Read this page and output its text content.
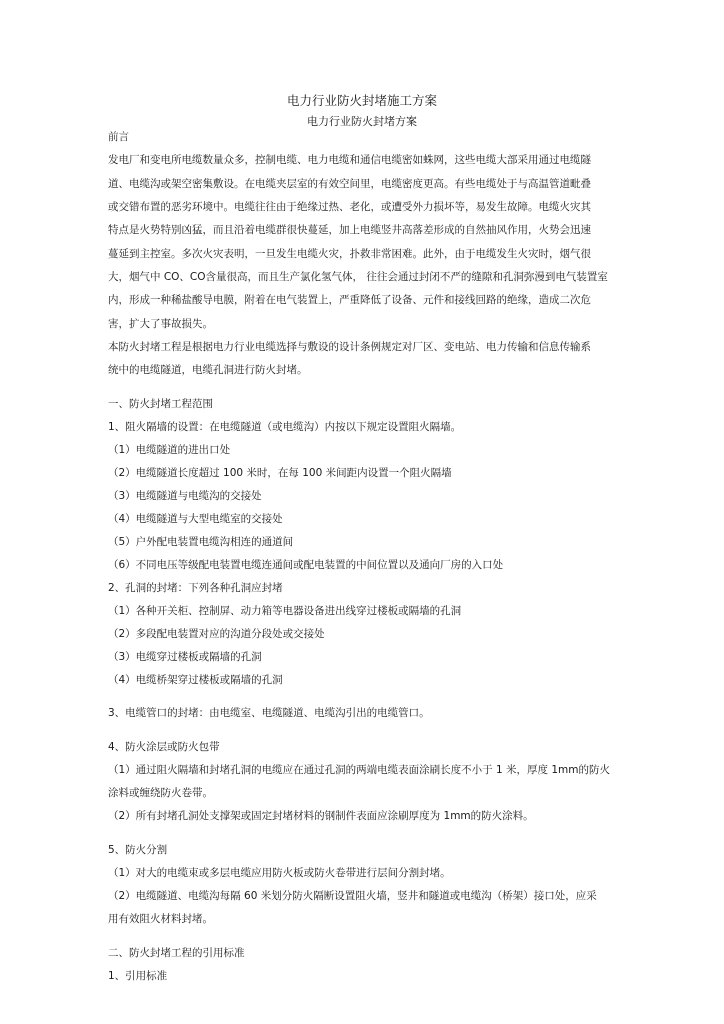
电力行业防火封堵施工方案
电力行业防火封堵方案
前言
发电厂和变电所电缆数量众多，控制电缆、电力电缆和通信电缆密如蛛网，这些电缆大部采用通过电缆隧
道、电缆沟或架空密集敷设。在电缆夹层室的有效空间里，电缆密度更高。有些电缆处于与高温管道毗叠
或交错布置的恶劣环境中。电缆往往由于绝缘过热、老化，或遭受外力损坏等，易发生故障。电缆火灾其
特点是火势特别凶猛，而且沿着电缆群很快蔓延，加上电缆竖井高落差形成的自然抽风作用，火势会迅速
蔓延到主控室。多次火灾表明，一旦发生电缆火灾，扑救非常困难。此外，由于电缆发生火灾时，烟气很
大，烟气中 CO、CO含量很高，而且生产氯化氢气体， 往往会通过封闭不严的缝隙和孔洞弥漫到电气装置室
内，形成一种稀盐酸导电膜，附着在电气装置上，严重降低了设备、元件和接线回路的绝缘，造成二次危
害，扩大了事故损失。
本防火封堵工程是根据电力行业电缆选择与敷设的设计条例规定对厂区、变电站、电力传输和信息传输系
统中的电缆隧道，电缆孔洞进行防火封堵。
一、防火封堵工程范围
1、阻火隔墙的设置：在电缆隧道（或电缆沟）内按以下规定设置阻火隔墙。
（1）电缆隧道的进出口处
（2）电缆隧道长度超过 100 米时，在每 100 米间距内设置一个阻火隔墙
（3）电缆隧道与电缆沟的交接处
（4）电缆隧道与大型电缆室的交接处
（5）户外配电装置电缆沟相连的通道间
（6）不同电压等级配电装置电缆连通间或配电装置的中间位置以及通向厂房的入口处
2、孔洞的封堵：下列各种孔洞应封堵
（1）各种开关柜、控制屏、动力箱等电器设备进出线穿过楼板或隔墙的孔洞
（2）多段配电装置对应的沟道分段处或交接处
（3）电缆穿过楼板或隔墙的孔洞
（4）电缆桥架穿过楼板或隔墙的孔洞
3、电缆管口的封堵：由电缆室、电缆隧道、电缆沟引出的电缆管口。
4、防火涂层或防火包带
（1）通过阻火隔墙和封堵孔洞的电缆应在通过孔洞的两端电缆表面涂刷长度不小于 1 米，厚度 1mm的防火
涂料或缠绕防火卷带。
（2）所有封堵孔洞处支撑架或固定封堵材料的钢制件表面应涂刷厚度为 1mm的防火涂料。
5、防火分割
（1）对大的电缆束或多层电缆应用防火板或防火卷带进行层间分割封堵。
（2）电缆隧道、电缆沟每隔 60 米划分防火隔断设置阻火墙，竖井和隧道或电缆沟（桥架）接口处，应采
用有效阻火材料封堵。
二、防火封堵工程的引用标准
1、引用标准
